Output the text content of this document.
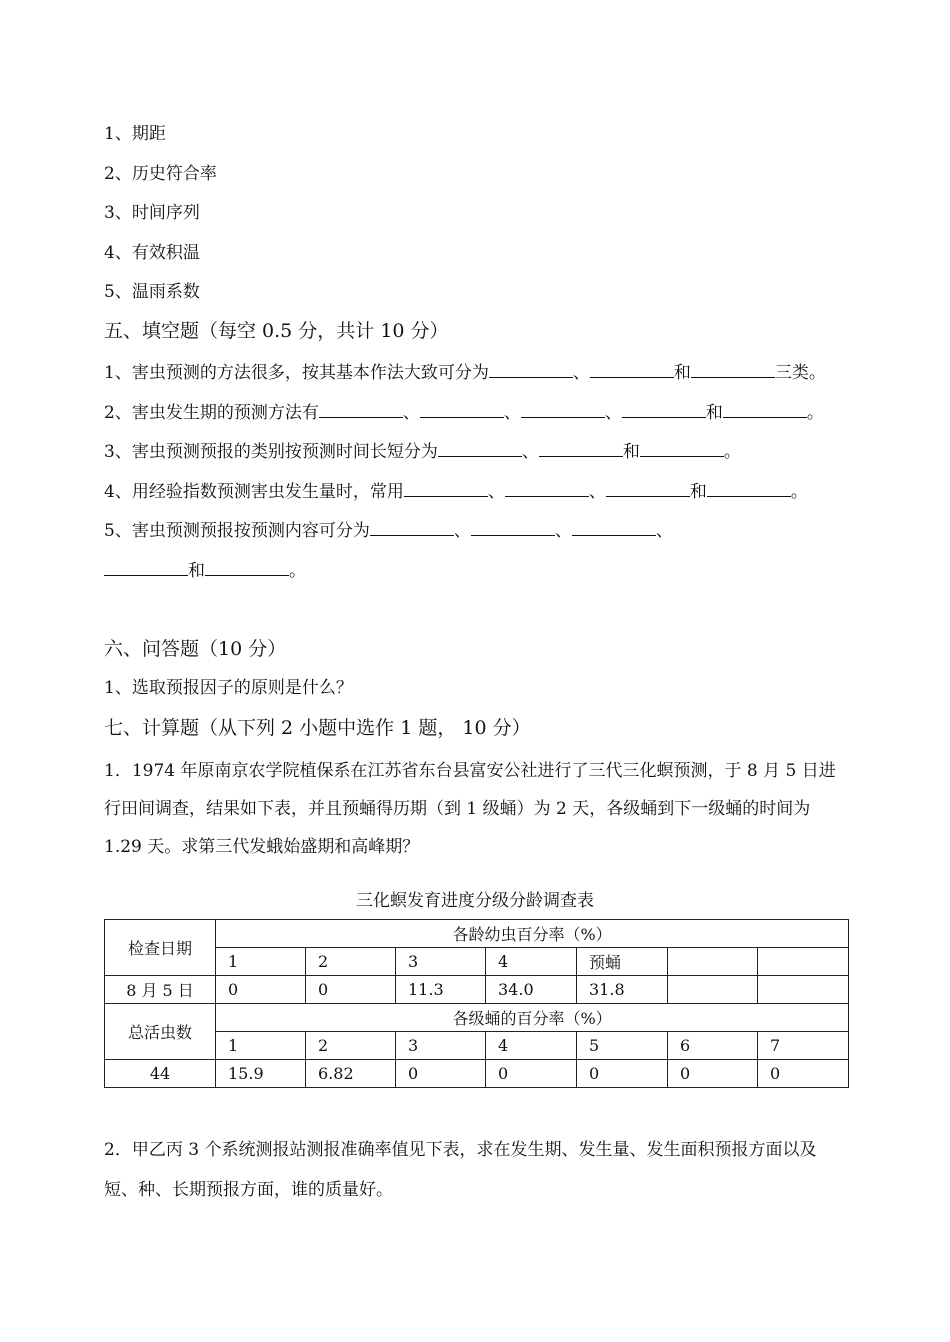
1、期距
2、历史符合率
3、时间序列
4、有效积温
5、温雨系数
五、填空题（每空 0.5 分，共计 10 分）
1、害虫预测的方法很多，按其基本作法大致可分为	、	和	三类。
2、害虫发生期的预测方法有	、	、	、	和	。
3、害虫预测预报的类别按预测时间长短分为	、	和	。
4、用经验指数预测害虫发生量时，常用	、	、	和	。
5、害虫预测预报按预测内容可分为	、	、	、
和	。
六、问答题（10 分）
1、选取预报因子的原则是什么？
七、计算题（从下列 2 小题中选作 1 题， 10 分）
1．1974 年原南京农学院植保系在江苏省东台县富安公社进行了三代三化螟预测，于 8 月 5 日进行田间调查，结果如下表，并且预蛹得历期（到 1 级蛹）为 2 天，各级蛹到下一级蛹的时间为 1.29 天。求第三代发蛾始盛期和高峰期？
三化螟发育进度分级分龄调查表
检查日期	各龄幼虫百分率（%）						
	1	2	3	4	预蛹		
8 月 5 日	0	0	11.3	34.0	31.8		
总活虫数	各级蛹的百分率（%）						
	1	2	3	4	5	6	7
44	15.9	6.82	0	0	0	0	0
2．甲乙丙 3 个系统测报站测报准确率值见下表，求在发生期、发生量、发生面积预报方面以及短、种、长期预报方面，谁的质量好。
